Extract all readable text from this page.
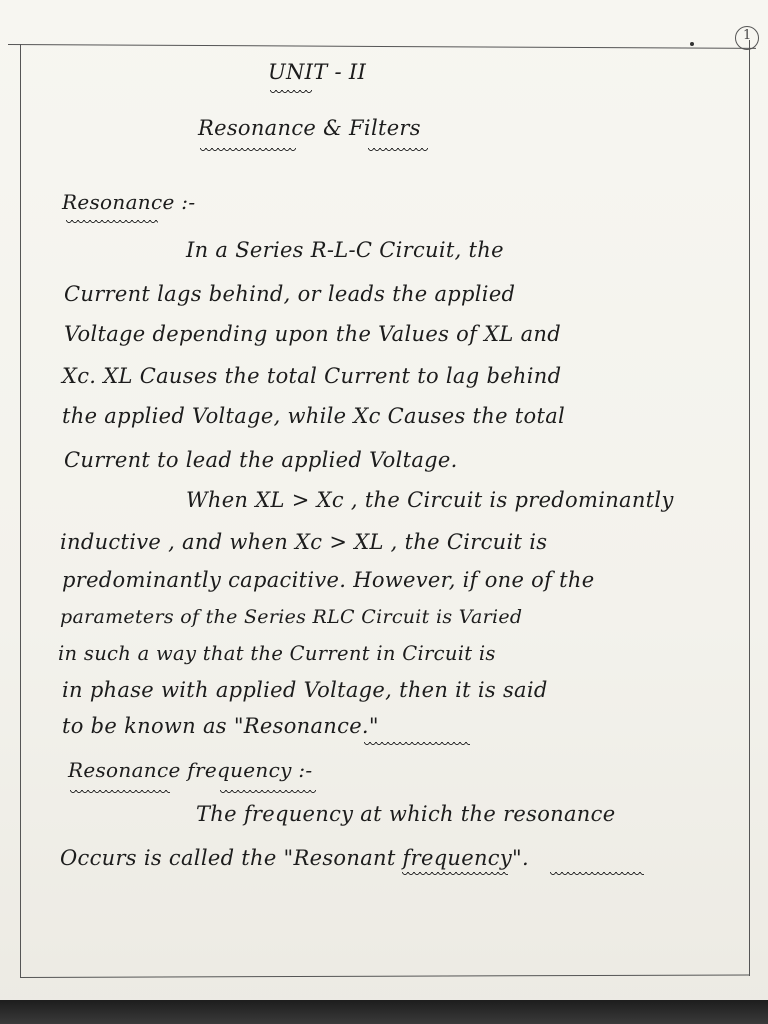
1
UNIT - II
Resonance & Filters
Resonance :-
In a Series R-L-C Circuit, the
Current lags behind, or leads the applied
Voltage depending upon the Values of XL and
Xc. XL Causes the total Current to lag behind
the applied Voltage, while Xc Causes the total
Current to lead the applied Voltage.
When XL > Xc , the Circuit is predominantly
inductive , and when Xc > XL , the Circuit is
predominantly capacitive. However, if one of the
parameters of the Series RLC Circuit is Varied
in such a way that the Current in Circuit is
in phase with applied Voltage, then it is said
to be known as "Resonance."
Resonance frequency :-
The frequency at which the resonance
Occurs is called the "Resonant frequency".
